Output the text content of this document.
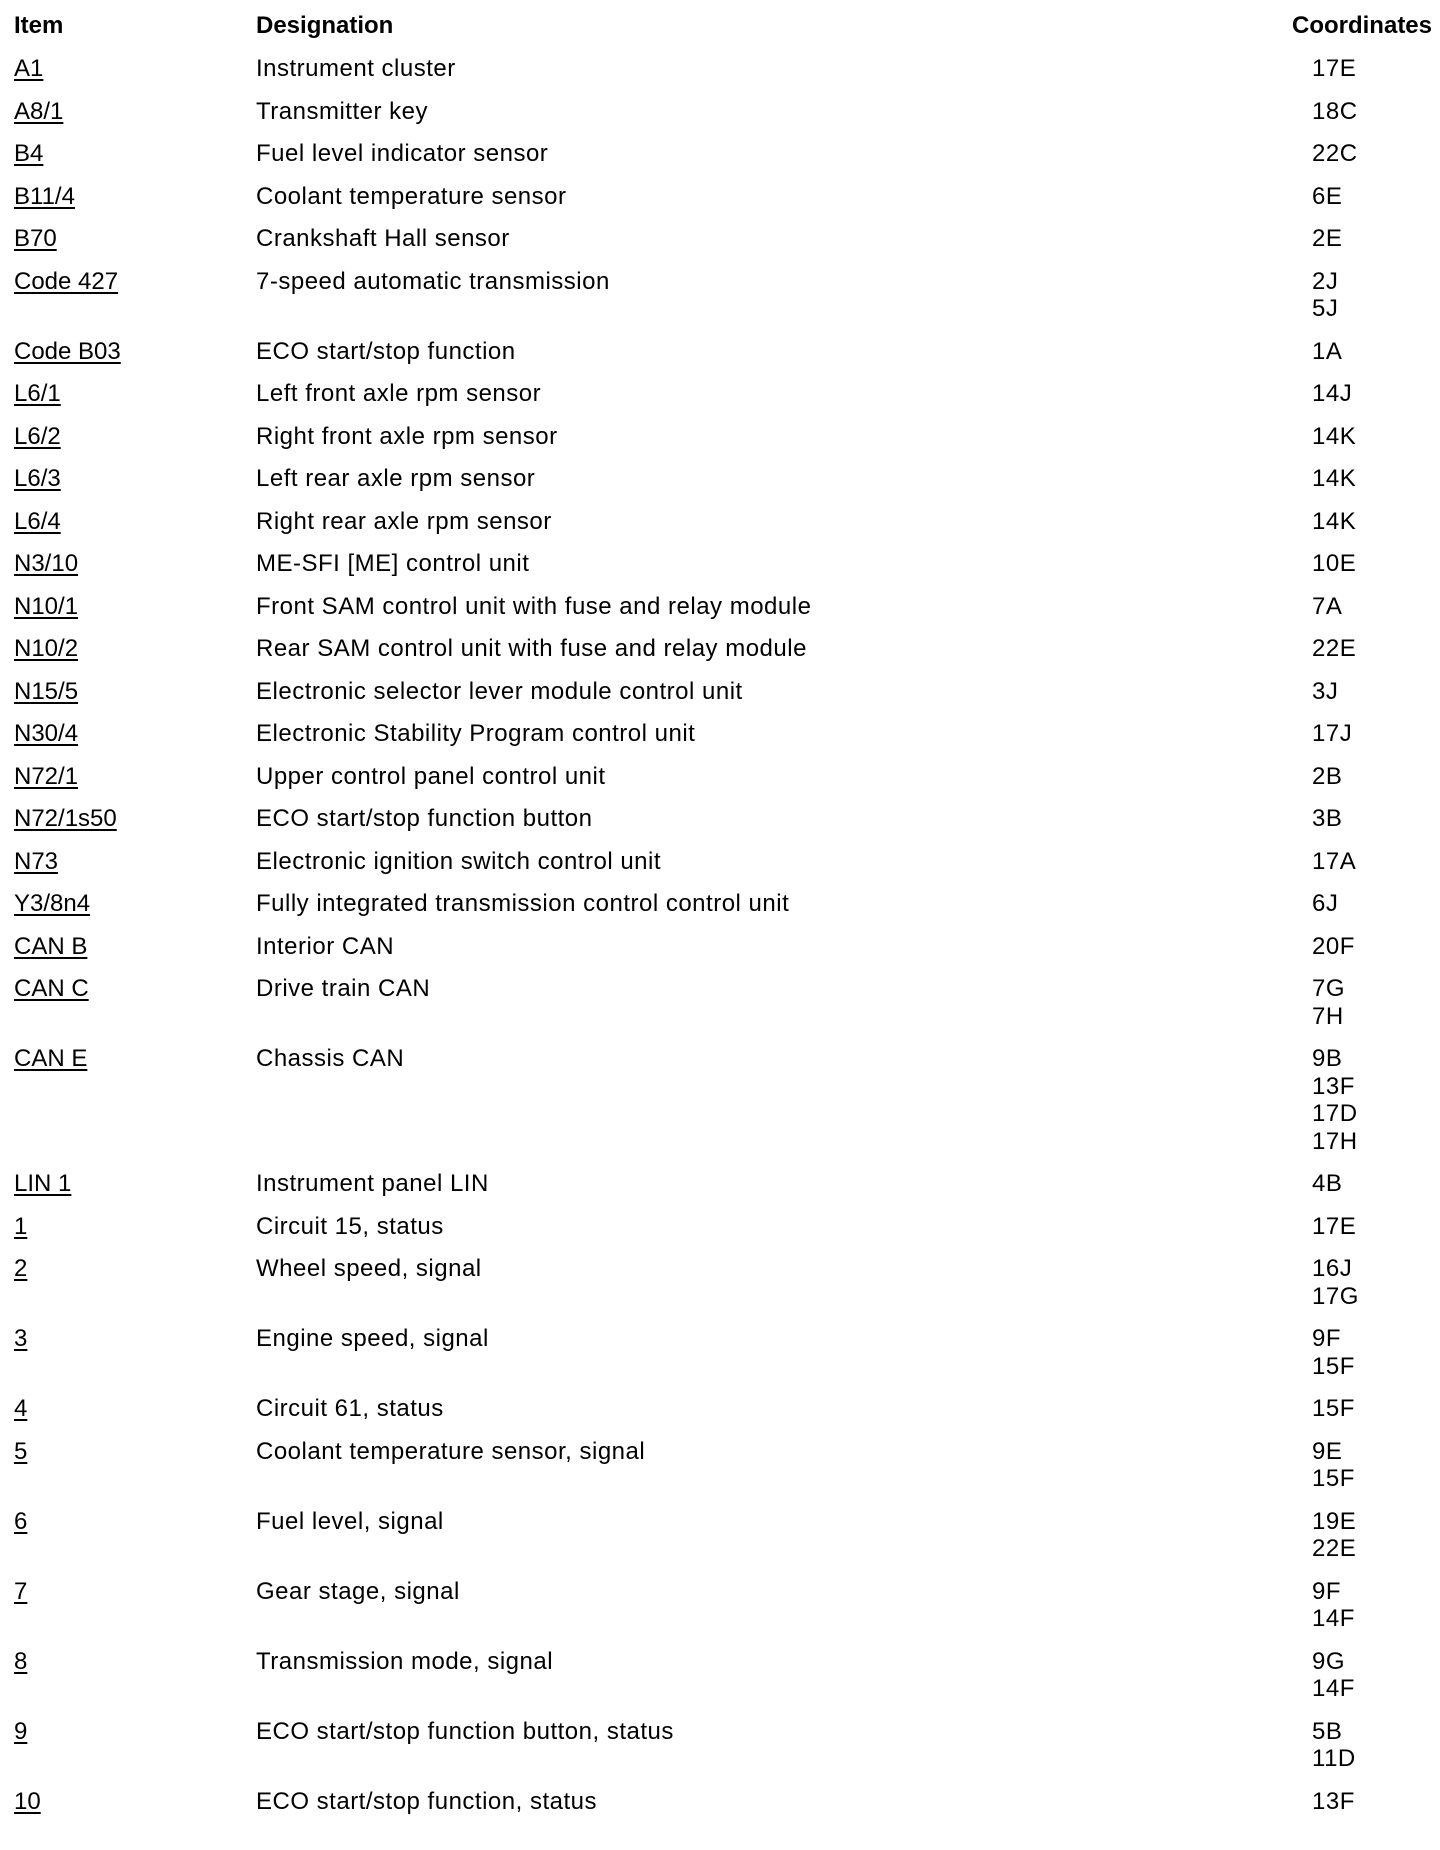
Item	Designation	Coordinates
A1	Instrument cluster	17E
A8/1	Transmitter key	18C
B4	Fuel level indicator sensor	22C
B11/4	Coolant temperature sensor	6E
B70	Crankshaft Hall sensor	2E
Code 427	7-speed automatic transmission	2J
5J
Code B03	ECO start/stop function	1A
L6/1	Left front axle rpm sensor	14J
L6/2	Right front axle rpm sensor	14K
L6/3	Left rear axle rpm sensor	14K
L6/4	Right rear axle rpm sensor	14K
N3/10	ME-SFI [ME] control unit	10E
N10/1	Front SAM control unit with fuse and relay module	7A
N10/2	Rear SAM control unit with fuse and relay module	22E
N15/5	Electronic selector lever module control unit	3J
N30/4	Electronic Stability Program control unit	17J
N72/1	Upper control panel control unit	2B
N72/1s50	ECO start/stop function button	3B
N73	Electronic ignition switch control unit	17A
Y3/8n4	Fully integrated transmission control control unit	6J
CAN B	Interior CAN	20F
CAN C	Drive train CAN	7G
7H
CAN E	Chassis CAN	9B
13F
17D
17H
LIN 1	Instrument panel LIN	4B
1	Circuit 15, status	17E
2	Wheel speed, signal	16J
17G
3	Engine speed, signal	9F
15F
4	Circuit 61, status	15F
5	Coolant temperature sensor, signal	9E
15F
6	Fuel level, signal	19E
22E
7	Gear stage, signal	9F
14F
8	Transmission mode, signal	9G
14F
9	ECO start/stop function button, status	5B
11D
10	ECO start/stop function, status	13F
